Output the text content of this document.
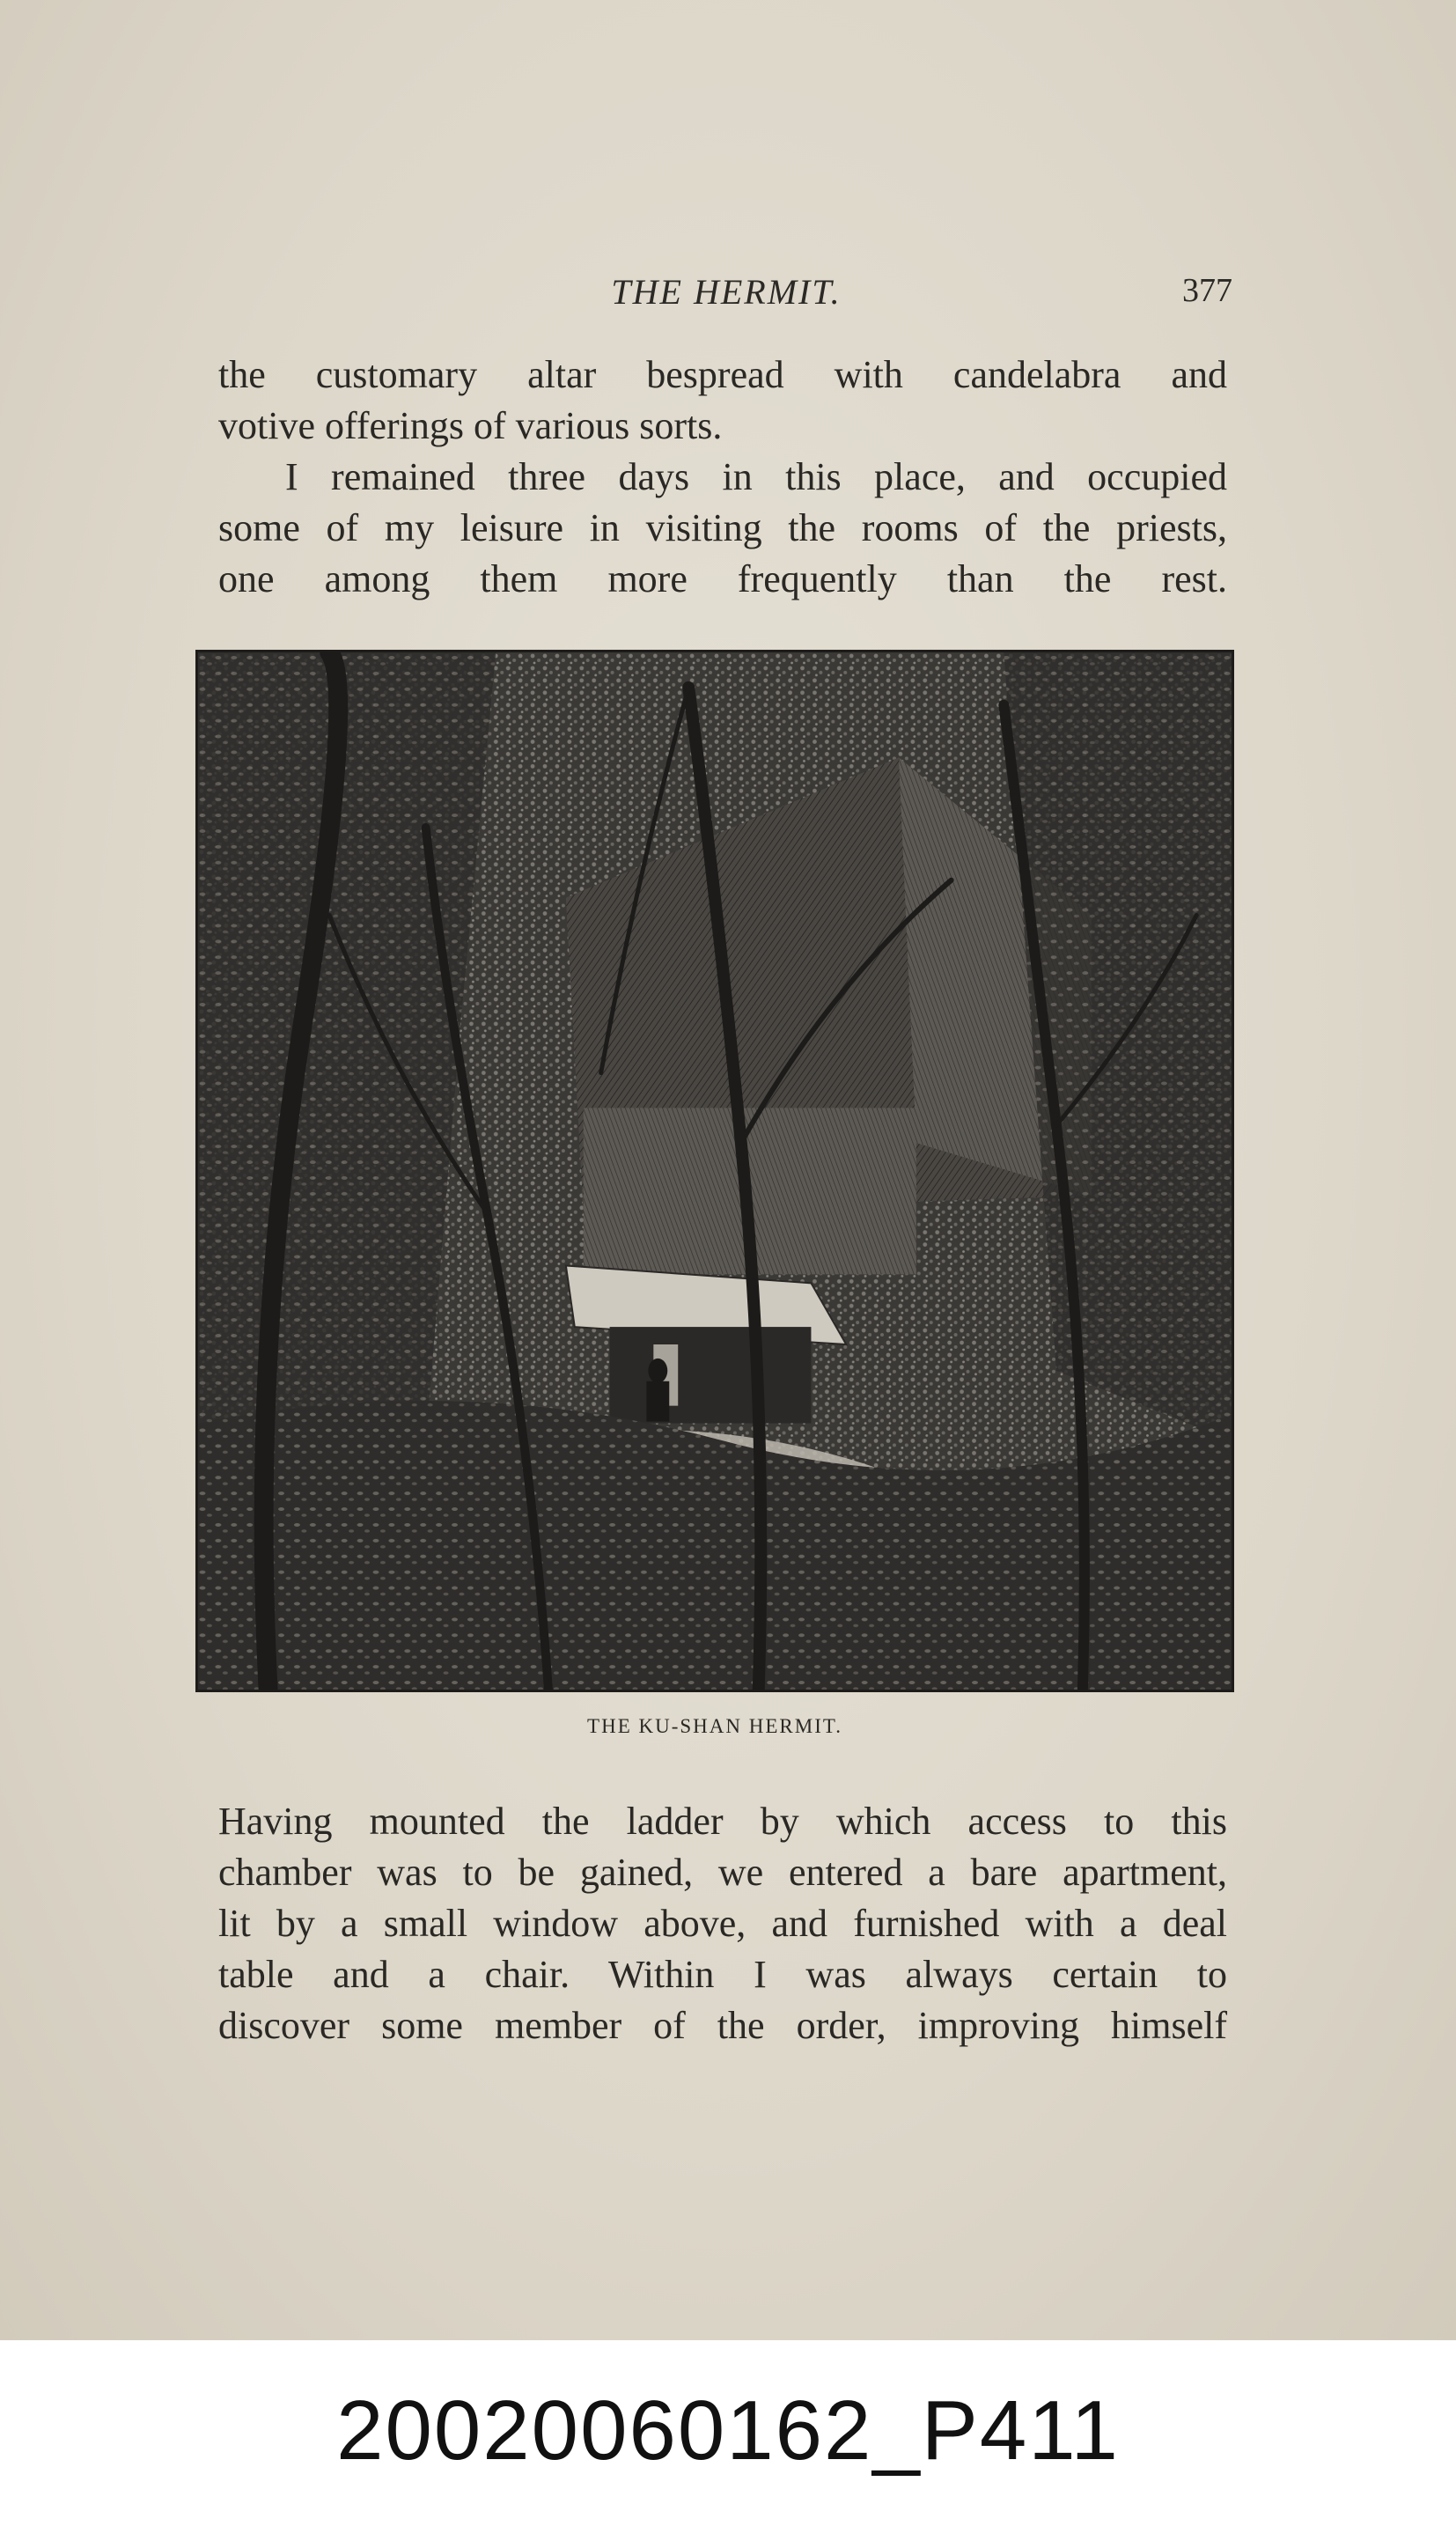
THE HERMIT.	377
the customary altar bespread with candelabra and
votive offerings of various sorts.
I remained three days in this place, and occupied
some of my leisure in visiting the rooms of the priests,
one among them more frequently than the rest.
THE KU-SHAN HERMIT.
Having mounted the ladder by which access to this
chamber was to be gained, we entered a bare apartment,
lit by a small window above, and furnished with a deal
table and a chair. Within I was always certain to
discover some member of the order, improving himself
20020060162_P411
